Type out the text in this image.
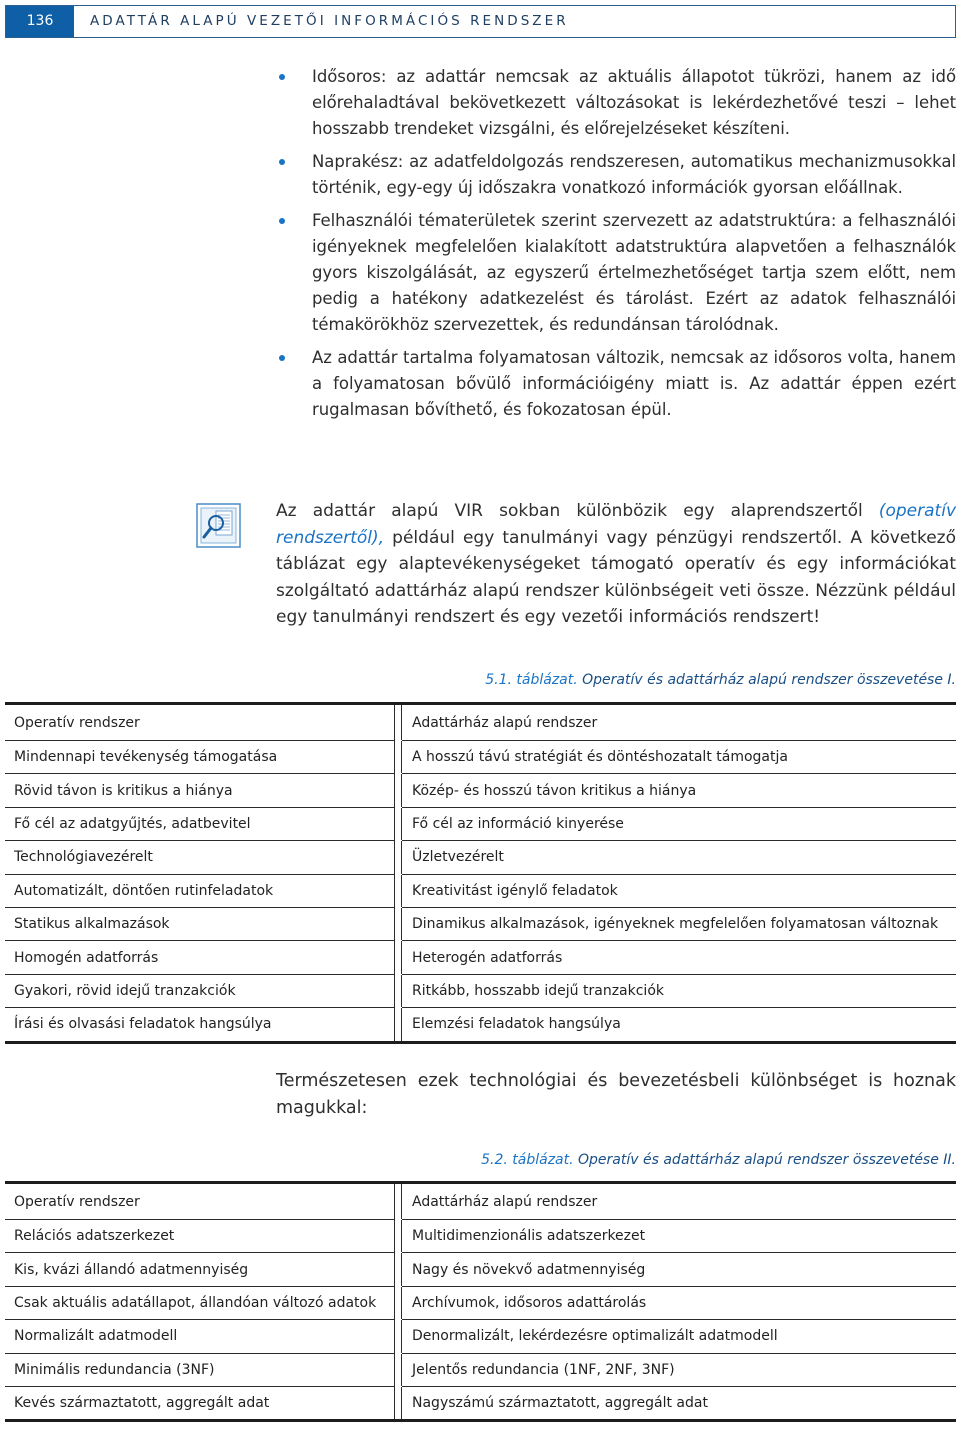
136	ADATTÁR ALAPÚ VEZETŐI INFORMÁCIÓS RENDSZER
Idősoros: az adattár nemcsak az aktuális állapotot tükrözi, hanem az idő előrehaladtával bekövetkezett változásokat is lekérdezhetővé teszi – lehet hosszabb trendeket vizsgálni, és előrejelzéseket készíteni.
Naprakész: az adatfeldolgozás rendszeresen, automatikus mechanizmusokkal történik, egy-egy új időszakra vonatkozó információk gyorsan előállnak.
Felhasználói tématerületek szerint szervezett az adatstruktúra: a felhasználói igényeknek megfelelően kialakított adatstruktúra alapvetően a felhasználók gyors kiszolgálását, az egyszerű értelmezhetőséget tartja szem előtt, nem pedig a hatékony adatkezelést és tárolást. Ezért az adatok felhasználói témakörökhöz szervezettek, és redundánsan tárolódnak.
Az adattár tartalma folyamatosan változik, nemcsak az idősoros volta, hanem a folyamatosan bővülő információigény miatt is. Az adattár éppen ezért rugalmasan bővíthető, és fokozatosan épül.
Az adattár alapú VIR sokban különbözik egy alaprendszertől (operatív rendszertől), például egy tanulmányi vagy pénzügyi rendszertől. A következő táblázat egy alaptevékenységeket támogató operatív és egy információkat szolgáltató adattárház alapú rendszer különbségeit veti össze. Nézzünk például egy tanulmányi rendszert és egy vezetői információs rendszert!
5.1. táblázat. Operatív és adattárház alapú rendszer összevetése I.
Operatív rendszer		Adattárház alapú rendszer
Mindennapi tevékenység támogatása		A hosszú távú stratégiát és döntéshozatalt támogatja
Rövid távon is kritikus a hiánya		Közép- és hosszú távon kritikus a hiánya
Fő cél az adatgyűjtés, adatbevitel		Fő cél az információ kinyerése
Technológiavezérelt		Üzletvezérelt
Automatizált, döntően rutinfeladatok		Kreativitást igénylő feladatok
Statikus alkalmazások		Dinamikus alkalmazások, igényeknek megfelelően folyamatosan változnak
Homogén adatforrás		Heterogén adatforrás
Gyakori, rövid idejű tranzakciók		Ritkább, hosszabb idejű tranzakciók
Írási és olvasási feladatok hangsúlya		Elemzési feladatok hangsúlya
Természetesen ezek technológiai és bevezetésbeli különbséget is hoznak magukkal:
5.2. táblázat. Operatív és adattárház alapú rendszer összevetése II.
Operatív rendszer		Adattárház alapú rendszer
Relációs adatszerkezet		Multidimenzionális adatszerkezet
Kis, kvázi állandó adatmennyiség		Nagy és növekvő adatmennyiség
Csak aktuális adatállapot, állandóan változó adatok		Archívumok, idősoros adattárolás
Normalizált adatmodell		Denormalizált, lekérdezésre optimalizált adatmodell
Minimális redundancia (3NF)		Jelentős redundancia (1NF, 2NF, 3NF)
Kevés származtatott, aggregált adat		Nagyszámú származtatott, aggregált adat
